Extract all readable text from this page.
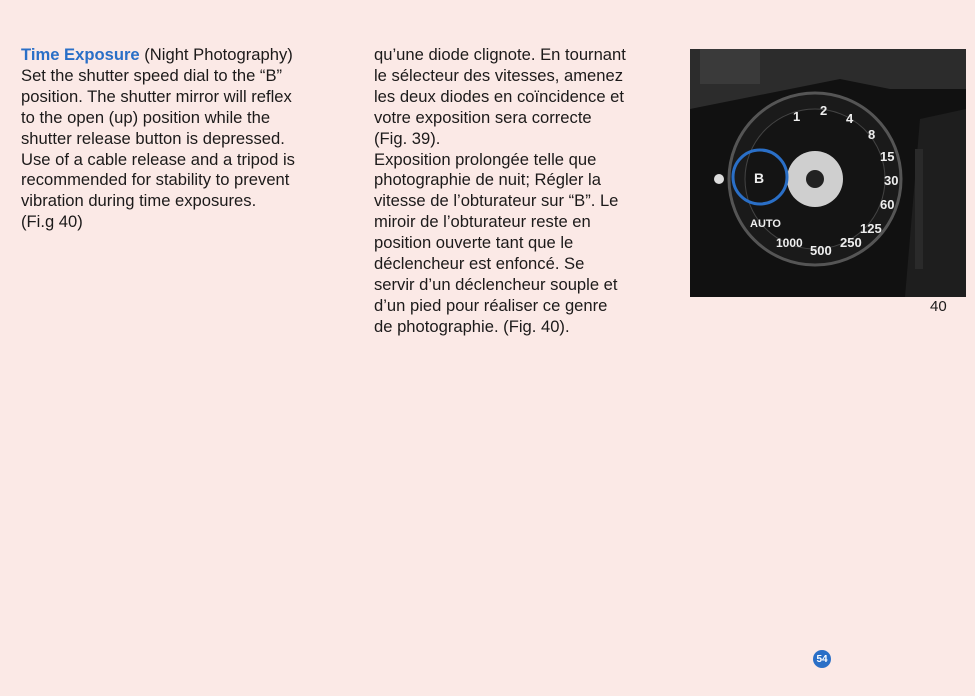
Time Exposure (Night Photography)
Set the shutter speed dial to the “B”
position. The shutter mirror will reflex
to the open (up) position while the
shutter release button is depressed.
Use of a cable release and a tripod is
recommended for stability to prevent
vibration during time exposures.
(Fi.g 40)
qu’une diode clignote. En tournant
le sélecteur des vitesses, amenez
les deux diodes en coïncidence et
votre exposition sera correcte
(Fig. 39).
Exposition prolongée telle que
photographie de nuit; Régler la
vitesse de l’obturateur sur “B”. Le
miroir de l’obturateur reste en
position ouverte tant que le
déclencheur est enfoncé. Se
servir d’un déclencheur souple et
d’un pied pour réaliser ce genre
de photographie. (Fig. 40).
B
1 2
4
8
15
30
60
125
250
500
1000
AUTO
40
54
